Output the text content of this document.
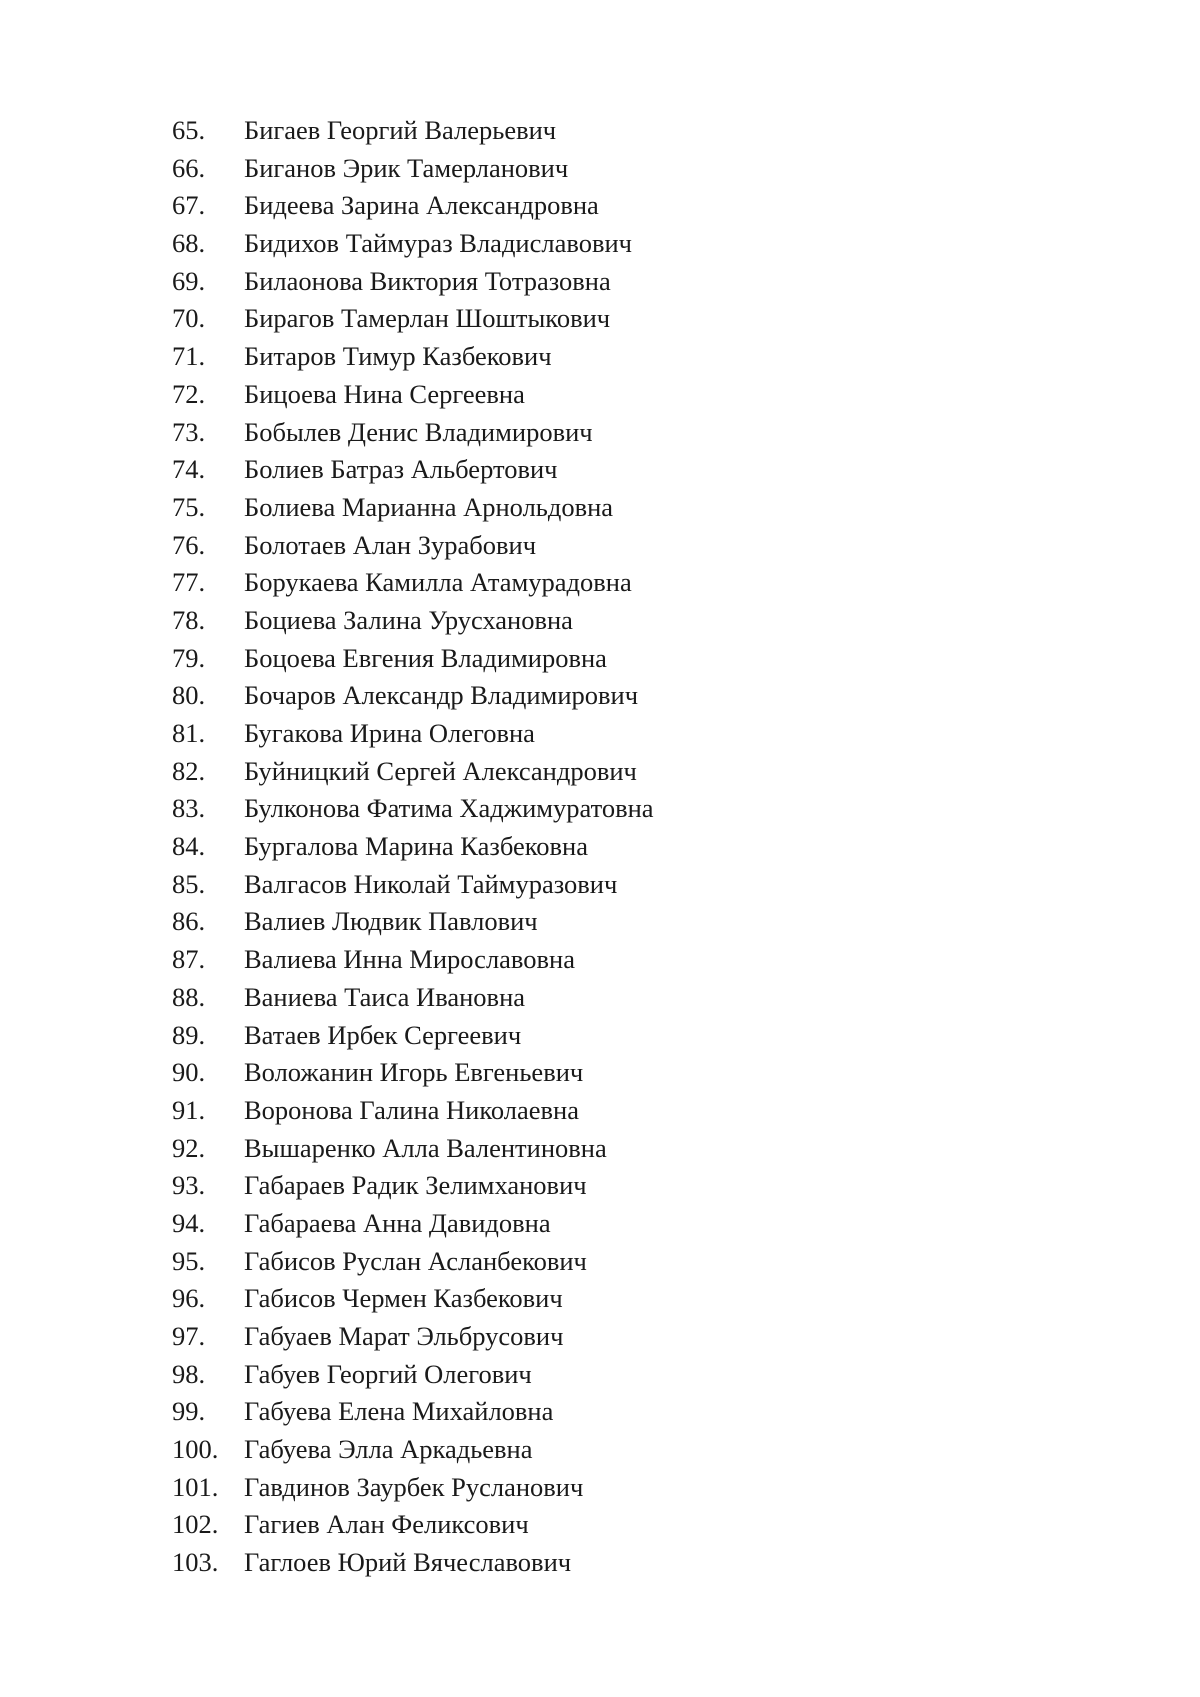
65.	Бигаев Георгий Валерьевич
66.	Биганов Эрик Тамерланович
67.	Бидеева Зарина Александровна
68.	Бидихов Таймураз Владиславович
69.	Билаонова Виктория Тотразовна
70.	Бирагов Тамерлан Шоштыкович
71.	Битаров Тимур Казбекович
72.	Бицоева Нина Сергеевна
73.	Бобылев Денис Владимирович
74.	Болиев Батраз Альбертович
75.	Болиева Марианна Арнольдовна
76.	Болотаев Алан Зурабович
77.	Борукаева Камилла Атамурадовна
78.	Боциева Залина Урусхановна
79.	Боцоева Евгения Владимировна
80.	Бочаров Александр Владимирович
81.	Бугакова Ирина Олеговна
82.	Буйницкий Сергей Александрович
83.	Булконова Фатима Хаджимуратовна
84.	Бургалова Марина Казбековна
85.	Валгасов Николай Таймуразович
86.	Валиев Людвик Павлович
87.	Валиева Инна Мирославовна
88.	Ваниева Таиса Ивановна
89.	Ватаев Ирбек Сергеевич
90.	Воложанин Игорь Евгеньевич
91.	Воронова Галина Николаевна
92.	Вышаренко Алла Валентиновна
93.	Габараев Радик Зелимханович
94.	Габараева Анна Давидовна
95.	Габисов Руслан Асланбекович
96.	Габисов Чермен Казбекович
97.	Габуаев Марат Эльбрусович
98.	Габуев Георгий Олегович
99.	Габуева Елена Михайловна
100. Габуева Элла Аркадьевна
101. Гавдинов Заурбек Русланович
102. Гагиев Алан Феликсович
103. Гаглоев Юрий Вячеславович
